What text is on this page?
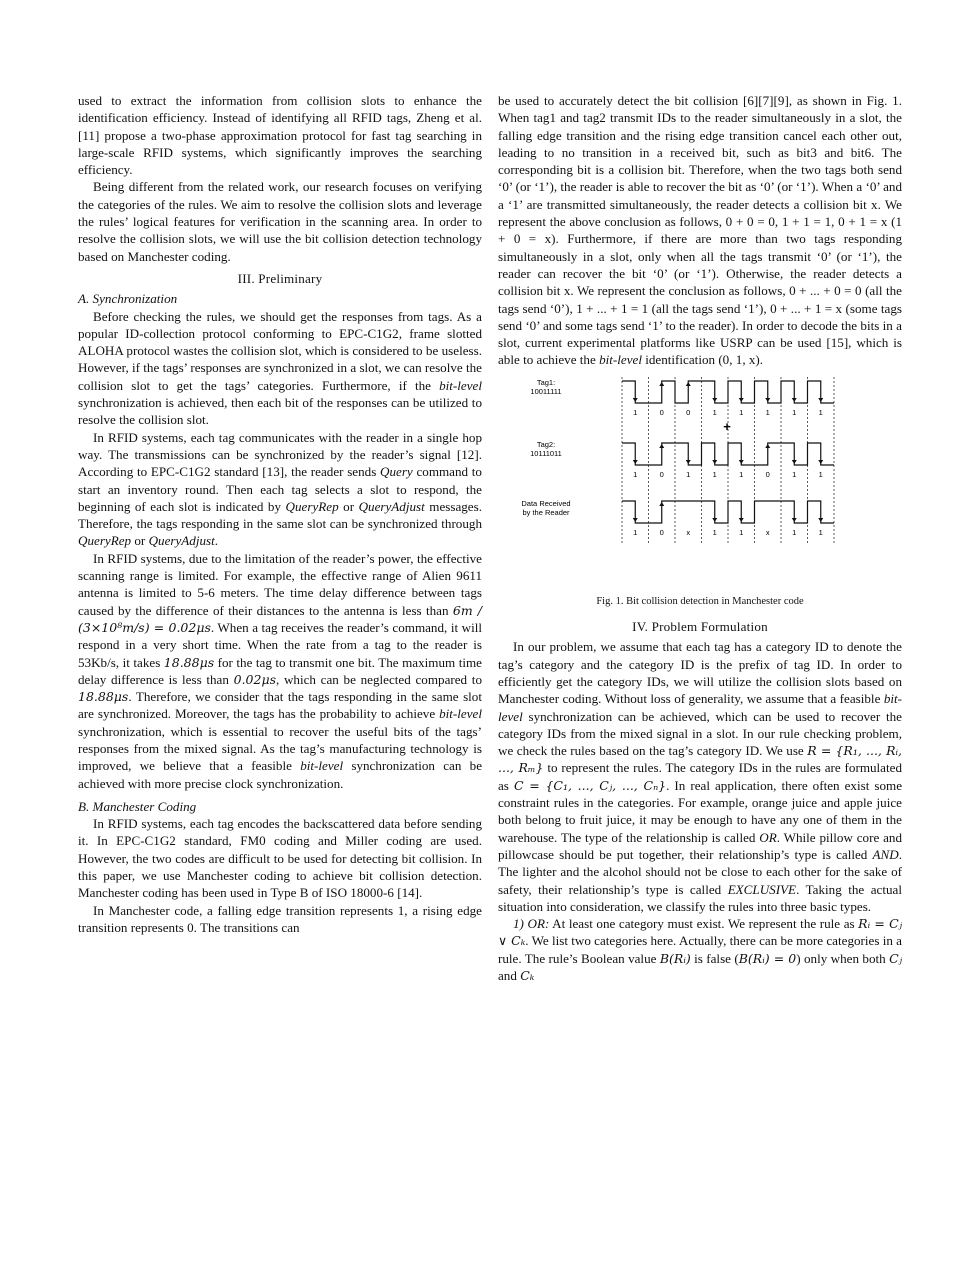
used to extract the information from collision slots to enhance the identification efficiency. Instead of identifying all RFID tags, Zheng et al. [11] propose a two-phase approximation protocol for fast tag searching in large-scale RFID systems, which significantly improves the searching efficiency.

Being different from the related work, our research focuses on verifying the categories of the rules. We aim to resolve the collision slots and leverage the rules’ logical features for verification in the scanning area. In order to resolve the collision slots, we will use the bit collision detection technology based on Manchester coding.

III. Preliminary
A. Synchronization

Before checking the rules, we should get the responses from tags. As a popular ID-collection protocol conforming to EPC-C1G2, frame slotted ALOHA protocol wastes the collision slot, which is considered to be useless. However, if the tags’ responses are synchronized in a slot, we can resolve the collision slot to get the tags’ categories. Furthermore, if the bit-level synchronization is achieved, then each bit of the responses can be utilized to resolve the collision slot.

In RFID systems, each tag communicates with the reader in a single hop way. The transmissions can be synchronized by the reader’s signal [12]. According to EPC-C1G2 standard [13], the reader sends Query command to start an inventory round. Then each tag selects a slot to respond, the beginning of each slot is indicated by QueryRep or QueryAdjust messages. Therefore, the tags responding in the same slot can be synchronized through QueryRep or QueryAdjust.

In RFID systems, due to the limitation of the reader’s power, the effective scanning range is limited. For example, the effective range of Alien 9611 antenna is limited to 5-6 meters. The time delay difference between tags caused by the difference of their distances to the antenna is less than 6m / (3×10⁸m/s) = 0.02μs. When a tag receives the reader’s command, it will respond in a very short time. When the rate from a tag to the reader is 53Kb/s, it takes 18.88μs for the tag to transmit one bit. The maximum time delay difference is less than 0.02μs, which can be neglected compared to 18.88μs. Therefore, we consider that the tags responding in the same slot are synchronized. Moreover, the tags has the probability to achieve bit-level synchronization, which is essential to recover the useful bits of the tags’ responses from the mixed signal. As the tag’s manufacturing technology is improved, we believe that a feasible bit-level synchronization can be achieved with more precise clock synchronization.

B. Manchester Coding

In RFID systems, each tag encodes the backscattered data before sending it. In EPC-C1G2 standard, FM0 coding and Miller coding are used. However, the two codes are difficult to be used for detecting bit collision. In this paper, we use Manchester coding to achieve bit collision detection. Manchester coding has been used in Type B of ISO 18000-6 [14].

In Manchester code, a falling edge transition represents 1, a rising edge transition represents 0. The transitions can

be used to accurately detect the bit collision [6][7][9], as shown in Fig. 1. When tag1 and tag2 transmit IDs to the reader simultaneously in a slot, the falling edge transition and the rising edge transition cancel each other out, leading to no transition in a received bit, such as bit3 and bit6. The corresponding bit is a collision bit. Therefore, when the two tags both send ‘0’ (or ‘1’), the reader is able to recover the bit as ‘0’ (or ‘1’). When a ‘0’ and a ‘1’ are transmitted simultaneously, the reader detects a collision bit x. We represent the above conclusion as follows, 0 + 0 = 0, 1 + 1 = 1, 0 + 1 = x (1 + 0 = x). Furthermore, if there are more than two tags responding simultaneously in a slot, only when all the tags transmit ‘0’ (or ‘1’), the reader can recover the bit ‘0’ (or ‘1’). Otherwise, the reader detects a collision bit x. We represent the conclusion as follows, 0 + ... + 0 = 0 (all the tags send ‘0’), 1 + ... + 1 = 1 (all the tags send ‘1’), 0 + ... + 1 = x (some tags send ‘0’ and some tags send ‘1’ to the reader). In order to decode the bits in a slot, current experimental platforms like USRP can be used [15], which is able to achieve the bit-level identification (0, 1, x).

Tag1:
10011111
Tag2:
10111011
Data Received
by the Reader
+
1	0	0	1	1	1	1	1
1	0	1	1	1	0	1	1
1	0	x	1	1	x	1	1
Fig. 1. Bit collision detection in Manchester code
IV. Problem Formulation

In our problem, we assume that each tag has a category ID to denote the tag’s category and the category ID is the prefix of tag ID. In order to efficiently get the category IDs, we will utilize the collision slots based on Manchester coding. Without loss of generality, we assume that a feasible bit-level synchronization can be achieved, which can be used to recover the category IDs from the mixed signal in a slot. In our rule checking problem, we check the rules based on the tag’s category ID. We use R = {R₁, ..., Rᵢ, ..., Rₘ} to represent the rules. The category IDs in the rules are formulated as C = {C₁, ..., Cⱼ, ..., Cₙ}. In real application, there often exist some constraint rules in the categories. For example, orange juice and apple juice both belong to fruit juice, it may be enough to have any one of them in the warehouse. The type of the relationship is called OR. While pillow core and pillowcase should be put together, their relationship’s type is called AND. The lighter and the alcohol should not be close to each other for the sake of safety, their relationship’s type is called EXCLUSIVE. Taking the actual situation into consideration, we classify the rules into three basic types.

1) OR: At least one category must exist. We represent the rule as Rᵢ = Cⱼ ∨ Cₖ. We list two categories here. Actually, there can be more categories in a rule. The rule’s Boolean value B(Rᵢ) is false (B(Rᵢ) = 0) only when both Cⱼ and Cₖ
